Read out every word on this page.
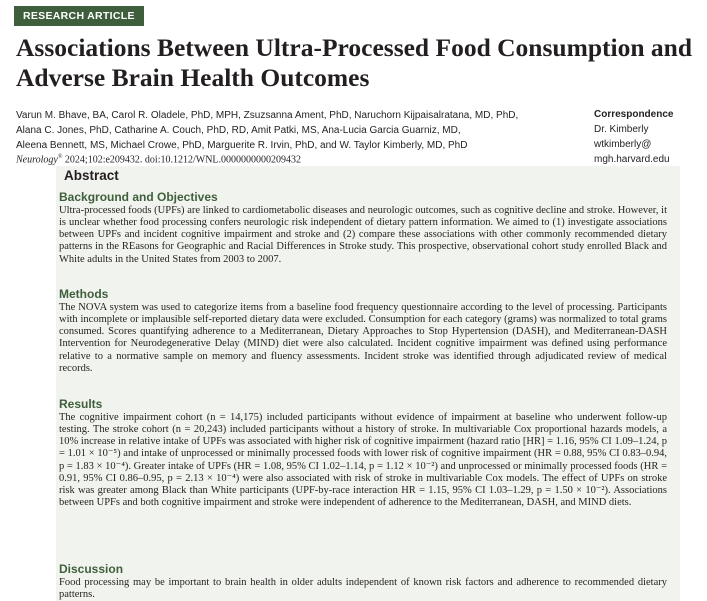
RESEARCH ARTICLE
Associations Between Ultra-Processed Food Consumption and Adverse Brain Health Outcomes
Varun M. Bhave, BA, Carol R. Oladele, PhD, MPH, Zsuzsanna Ament, PhD, Naruchorn Kijpaisalratana, MD, PhD,
Alana C. Jones, PhD, Catharine A. Couch, PhD, RD, Amit Patki, MS, Ana-Lucia Garcia Guarniz, MD,
Aleena Bennett, MS, Michael Crowe, PhD, Marguerite R. Irvin, PhD, and W. Taylor Kimberly, MD, PhD
Correspondence
Dr. Kimberly
wtkimberly@
mgh.harvard.edu
Neurology® 2024;102:e209432. doi:10.1212/WNL.0000000000209432
Abstract
Background and Objectives

Ultra-processed foods (UPFs) are linked to cardiometabolic diseases and neurologic outcomes, such as cognitive decline and stroke. However, it is unclear whether food processing confers neurologic risk independent of dietary pattern information. We aimed to (1) investigate associations between UPFs and incident cognitive impairment and stroke and (2) compare these associations with other commonly recommended dietary patterns in the REasons for Geographic and Racial Differences in Stroke study. This prospective, observational cohort study enrolled Black and White adults in the United States from 2003 to 2007.

Methods

The NOVA system was used to categorize items from a baseline food frequency questionnaire according to the level of processing. Participants with incomplete or implausible self-reported dietary data were excluded. Consumption for each category (grams) was normalized to total grams consumed. Scores quantifying adherence to a Mediterranean, Dietary Approaches to Stop Hypertension (DASH), and Mediterranean-DASH Intervention for Neurodegenerative Delay (MIND) diet were also calculated. Incident cognitive impairment was defined using performance relative to a normative sample on memory and fluency assessments. Incident stroke was identified through adjudicated review of medical records.

Results

The cognitive impairment cohort (n = 14,175) included participants without evidence of impairment at baseline who underwent follow-up testing. The stroke cohort (n = 20,243) included participants without a history of stroke. In multivariable Cox proportional hazards models, a 10% increase in relative intake of UPFs was associated with higher risk of cognitive impairment (hazard ratio [HR] = 1.16, 95% CI 1.09–1.24, p = 1.01 × 10⁻⁵) and intake of unprocessed or minimally processed foods with lower risk of cognitive impairment (HR = 0.88, 95% CI 0.83–0.94, p = 1.83 × 10⁻⁴). Greater intake of UPFs (HR = 1.08, 95% CI 1.02–1.14, p = 1.12 × 10⁻²) and unprocessed or minimally processed foods (HR = 0.91, 95% CI 0.86–0.95, p = 2.13 × 10⁻⁴) were also associated with risk of stroke in multivariable Cox models. The effect of UPFs on stroke risk was greater among Black than White participants (UPF-by-race interaction HR = 1.15, 95% CI 1.03–1.29, p = 1.50 × 10⁻²). Associations between UPFs and both cognitive impairment and stroke were independent of adherence to the Mediterranean, DASH, and MIND diets.

Discussion

Food processing may be important to brain health in older adults independent of known risk factors and adherence to recommended dietary patterns.
